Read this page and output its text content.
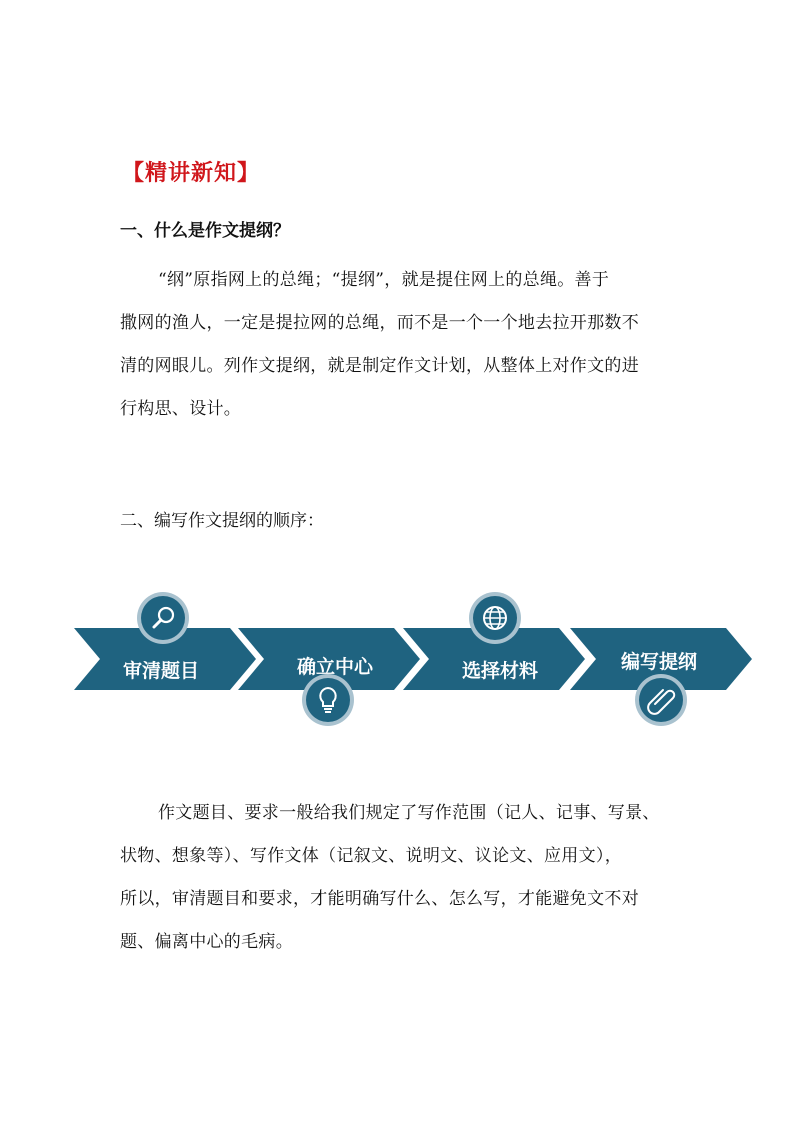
【精讲新知】
一、什么是作文提纲？
“纲”原指网上的总绳；“提纲”，就是提住网上的总绳。善于
撒网的渔人，一定是提拉网的总绳，而不是一个一个地去拉开那数不
清的网眼儿。列作文提纲，就是制定作文计划，从整体上对作文的进
行构思、设计。
二、编写作文提纲的顺序：
审清题目	确立中心	选择材料	编写提纲
作文题目、要求一般给我们规定了写作范围（记人、记事、写景、
状物、想象等）、写作文体（记叙文、说明文、议论文、应用文），
所以，审清题目和要求，才能明确写什么、怎么写，才能避免文不对
题、偏离中心的毛病。
